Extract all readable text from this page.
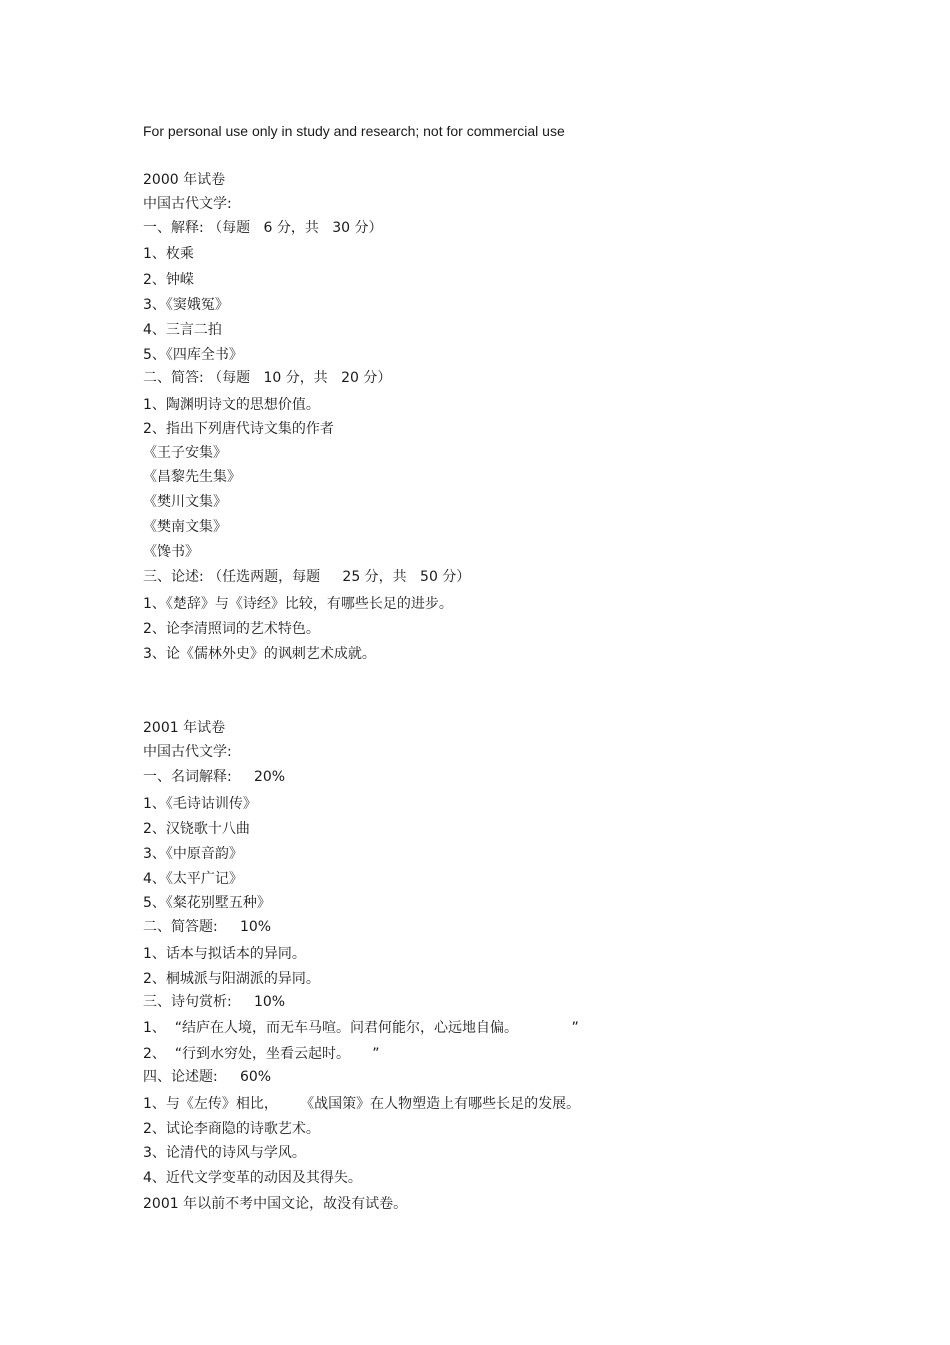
For personal use only in study and research; not for commercial use
2000 年试卷
中国古代文学:
一、解释: （每题   6 分，共   30 分）
1、枚乘
2、钟嵘
3、《窦娥冤》
4、三言二拍
5、《四库全书》
二、简答: （每题   10 分，共   20 分）
1、陶渊明诗文的思想价值。
2、指出下列唐代诗文集的作者
《王子安集》
《昌黎先生集》
《樊川文集》
《樊南文集》
《馋书》
三、论述: （任选两题，每题     25 分，共   50 分）
1、《楚辞》与《诗经》比较，有哪些长足的进步。
2、论李清照词的艺术特色。
3、论《儒林外史》的讽刺艺术成就。
2001 年试卷
中国古代文学:
一、名词解释:     20%
1、《毛诗诂训传》
2、汉铙歌十八曲
3、《中原音韵》
4、《太平广记》
5、《粲花别墅五种》
二、简答题:     10%
1、话本与拟话本的异同。
2、桐城派与阳湖派的异同。
三、诗句赏析:     10%
1、  “结庐在人境，而无车马喧。问君何能尔，心远地自偏。            ”
2、  “行到水穷处，坐看云起时。     ”
四、论述题:     60%
1、与《左传》相比，     《战国策》在人物塑造上有哪些长足的发展。
2、试论李商隐的诗歌艺术。
3、论清代的诗风与学风。
4、近代文学变革的动因及其得失。
2001 年以前不考中国文论，故没有试卷。
